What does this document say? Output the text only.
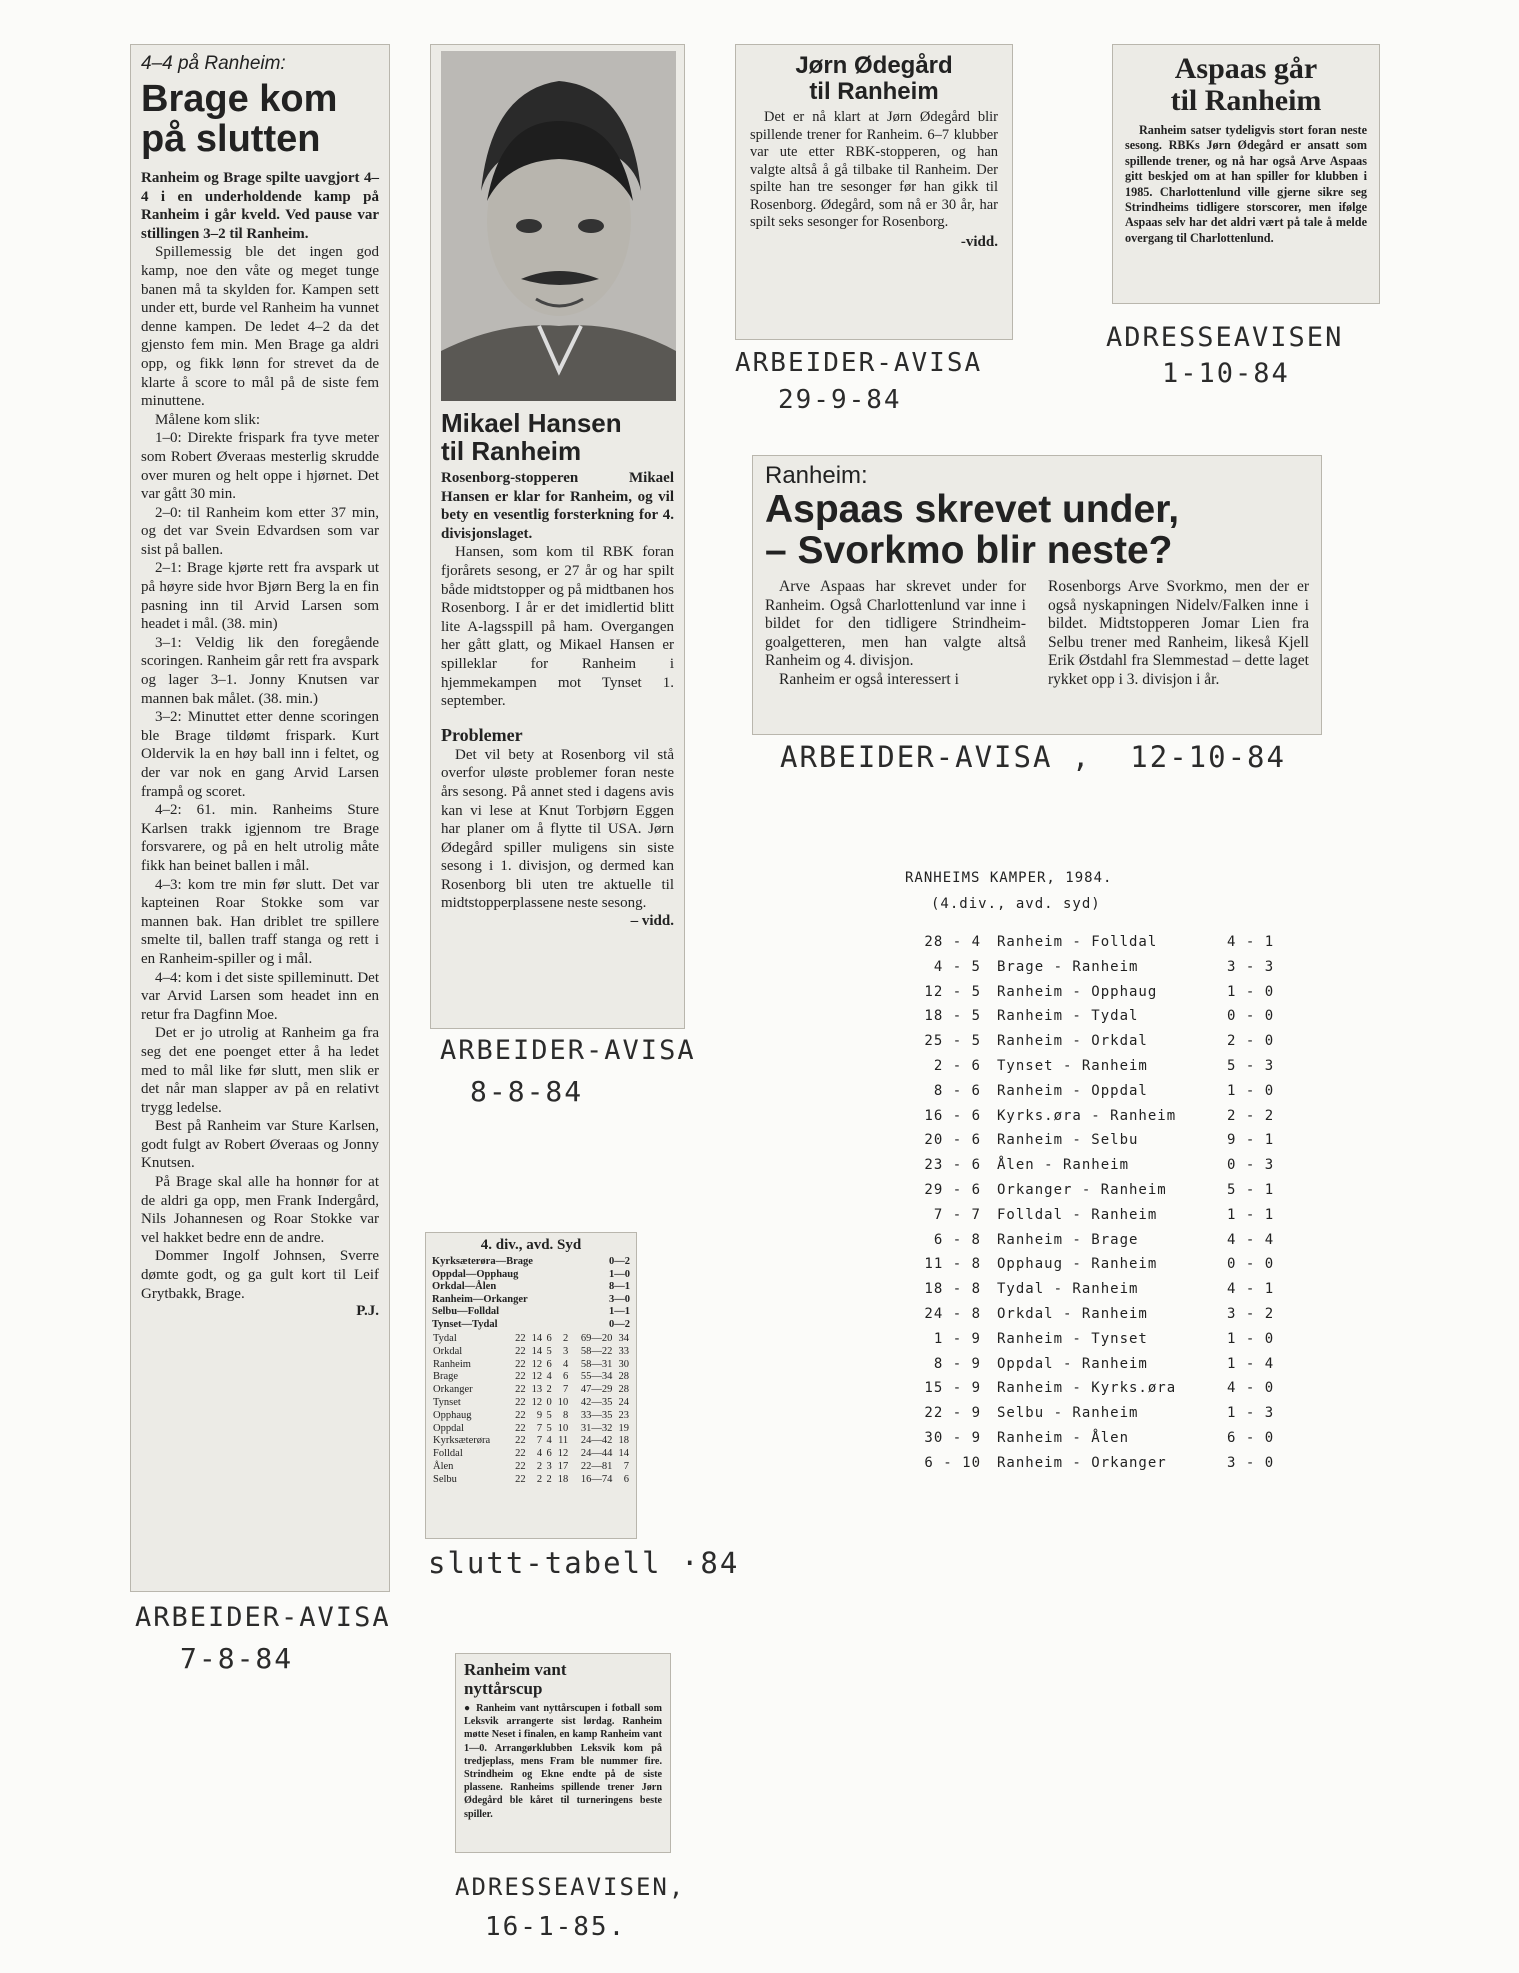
4–4 på Ranheim:
Brage kom
på slutten

Ranheim og Brage spilte uavgjort 4–4 i en underholdende kamp på Ranheim i går kveld. Ved pause var stillingen 3–2 til Ranheim.

Spillemessig ble det ingen god kamp, noe den våte og meget tunge banen må ta skylden for. Kampen sett under ett, burde vel Ranheim ha vunnet denne kampen. De ledet 4–2 da det gjensto fem min. Men Brage ga aldri opp, og fikk lønn for strevet da de klarte å score to mål på de siste fem minuttene.

Målene kom slik:

1–0: Direkte frispark fra tyve meter som Robert Øveraas mesterlig skrudde over muren og helt oppe i hjørnet. Det var gått 30 min.

2–0: til Ranheim kom etter 37 min, og det var Svein Edvardsen som var sist på ballen.

2–1: Brage kjørte rett fra avspark ut på høyre side hvor Bjørn Berg la en fin pasning inn til Arvid Larsen som headet i mål. (38. min)

3–1: Veldig lik den foregående scoringen. Ranheim går rett fra avspark og lager 3–1. Jonny Knutsen var mannen bak målet. (38. min.)

3–2: Minuttet etter denne scoringen ble Brage tildømt frispark. Kurt Oldervik la en høy ball inn i feltet, og der var nok en gang Arvid Larsen frampå og scoret.

4–2: 61. min. Ranheims Sture Karlsen trakk igjennom tre Brage forsvarere, og på en helt utrolig måte fikk han beinet ballen i mål.

4–3: kom tre min før slutt. Det var kapteinen Roar Stokke som var mannen bak. Han driblet tre spillere smelte til, ballen traff stanga og rett i en Ranheim-spiller og i mål.

4–4: kom i det siste spilleminutt. Det var Arvid Larsen som headet inn en retur fra Dagfinn Moe.

Det er jo utrolig at Ranheim ga fra seg det ene poenget etter å ha ledet med to mål like før slutt, men slik er det når man slapper av på en relativt trygg ledelse.

Best på Ranheim var Sture Karlsen, godt fulgt av Robert Øveraas og Jonny Knutsen.

På Brage skal alle ha honnør for at de aldri ga opp, men Frank Indergård, Nils Johannesen og Roar Stokke var vel hakket bedre enn de andre.

Dommer Ingolf Johnsen, Sverre dømte godt, og ga gult kort til Leif Grytbakk, Brage.

P.J.
ARBEIDER-AVISA
7-8-84
Mikael Hansen
til Ranheim

Rosenborg-stopperen Mikael Hansen er klar for Ranheim, og vil bety en vesentlig forsterkning for 4. divisjonslaget.

Hansen, som kom til RBK foran fjorårets sesong, er 27 år og har spilt både midtstopper og på midtbanen hos Rosenborg. I år er det imidlertid blitt lite A-lagsspill på ham. Overgangen her gått glatt, og Mikael Hansen er spilleklar for Ranheim i hjemmekampen mot Tynset 1. september.

Problemer

Det vil bety at Rosenborg vil stå overfor uløste problemer foran neste års sesong. På annet sted i dagens avis kan vi lese at Knut Torbjørn Eggen har planer om å flytte til USA. Jørn Ødegård spiller muligens sin siste sesong i 1. divisjon, og dermed kan Rosenborg bli uten tre aktuelle til midtstopperplassene neste sesong.

– vidd.
ARBEIDER-AVISA
8-8-84
Jørn Ødegård
til Ranheim

Det er nå klart at Jørn Ødegård blir spillende trener for Ranheim. 6–7 klubber var ute etter RBK-stopperen, og han valgte altså å gå tilbake til Ranheim. Der spilte han tre sesonger før han gikk til Rosenborg. Ødegård, som nå er 30 år, har spilt seks sesonger for Rosenborg.

-vidd.
ARBEIDER-AVISA
29-9-84
Aspaas går
til Ranheim

Ranheim satser tydeligvis stort foran neste sesong. RBKs Jørn Ødegård er ansatt som spillende trener, og nå har også Arve Aspaas gitt beskjed om at han spiller for klubben i 1985. Charlottenlund ville gjerne sikre seg Strindheims tidligere storscorer, men ifølge Aspaas selv har det aldri vært på tale å melde overgang til Charlottenlund.

ADRESSEAVISEN
1-10-84
Ranheim:
Aspaas skrevet under,
– Svorkmo blir neste?

Arve Aspaas har skrevet under for Ranheim. Også Charlottenlund var inne i bildet for den tidligere Strindheim-goalgetteren, men han valgte altså Ranheim og 4. divisjon.

Ranheim er også interessert i

Rosenborgs Arve Svorkmo, men der er også nyskapningen Nidelv/Falken inne i bildet. Midtstopperen Jomar Lien fra Selbu trener med Ranheim, likeså Kjell Erik Østdahl fra Slemmestad – dette laget rykket opp i 3. divisjon i år.

ARBEIDER-AVISA ,  12-10-84
RANHEIMS KAMPER, 1984.
(4.div., avd. syd)
28 - 4	Ranheim - Folldal	4 - 1
4 - 5	Brage - Ranheim	3 - 3
12 - 5	Ranheim - Opphaug	1 - 0
18 - 5	Ranheim - Tydal	0 - 0
25 - 5	Ranheim - Orkdal	2 - 0
2 - 6	Tynset - Ranheim	5 - 3
8 - 6	Ranheim - Oppdal	1 - 0
16 - 6	Kyrks.øra - Ranheim	2 - 2
20 - 6	Ranheim - Selbu	9 - 1
23 - 6	Ålen - Ranheim	0 - 3
29 - 6	Orkanger - Ranheim	5 - 1
7 - 7	Folldal - Ranheim	1 - 1
6 - 8	Ranheim - Brage	4 - 4
11 - 8	Opphaug - Ranheim	0 - 0
18 - 8	Tydal - Ranheim	4 - 1
24 - 8	Orkdal - Ranheim	3 - 2
1 - 9	Ranheim - Tynset	1 - 0
8 - 9	Oppdal - Ranheim	1 - 4
15 - 9	Ranheim - Kyrks.øra	4 - 0
22 - 9	Selbu - Ranheim	1 - 3
30 - 9	Ranheim - Ålen	6 - 0
6 - 10	Ranheim - Orkanger	3 - 0
4. div., avd. Syd
Kyrksæterøra—Brage	0—2
Oppdal—Opphaug	1—0
Orkdal—Ålen	8—1
Ranheim—Orkanger	3—0
Selbu—Folldal	1—1
Tynset—Tydal	0—2
Tydal	22	14	6	2	69—20	34
Orkdal	22	14	5	3	58—22	33
Ranheim	22	12	6	4	58—31	30
Brage	22	12	4	6	55—34	28
Orkanger	22	13	2	7	47—29	28
Tynset	22	12	0	10	42—35	24
Opphaug	22	9	5	8	33—35	23
Oppdal	22	7	5	10	31—32	19
Kyrksæterøra	22	7	4	11	24—42	18
Folldal	22	4	6	12	24—44	14
Ålen	22	2	3	17	22—81	7
Selbu	22	2	2	18	16—74	6
slutt-tabell ·84
Ranheim vant
nyttårscup

● Ranheim vant nyttårscupen i fotball som Leksvik arrangerte sist lørdag. Ranheim møtte Neset i finalen, en kamp Ranheim vant 1—0. Arrangørklubben Leksvik kom på tredjeplass, mens Fram ble nummer fire. Strindheim og Ekne endte på de siste plassene. Ranheims spillende trener Jørn Ødegård ble kåret til turneringens beste spiller.

ADRESSEAVISEN,
16-1-85.
